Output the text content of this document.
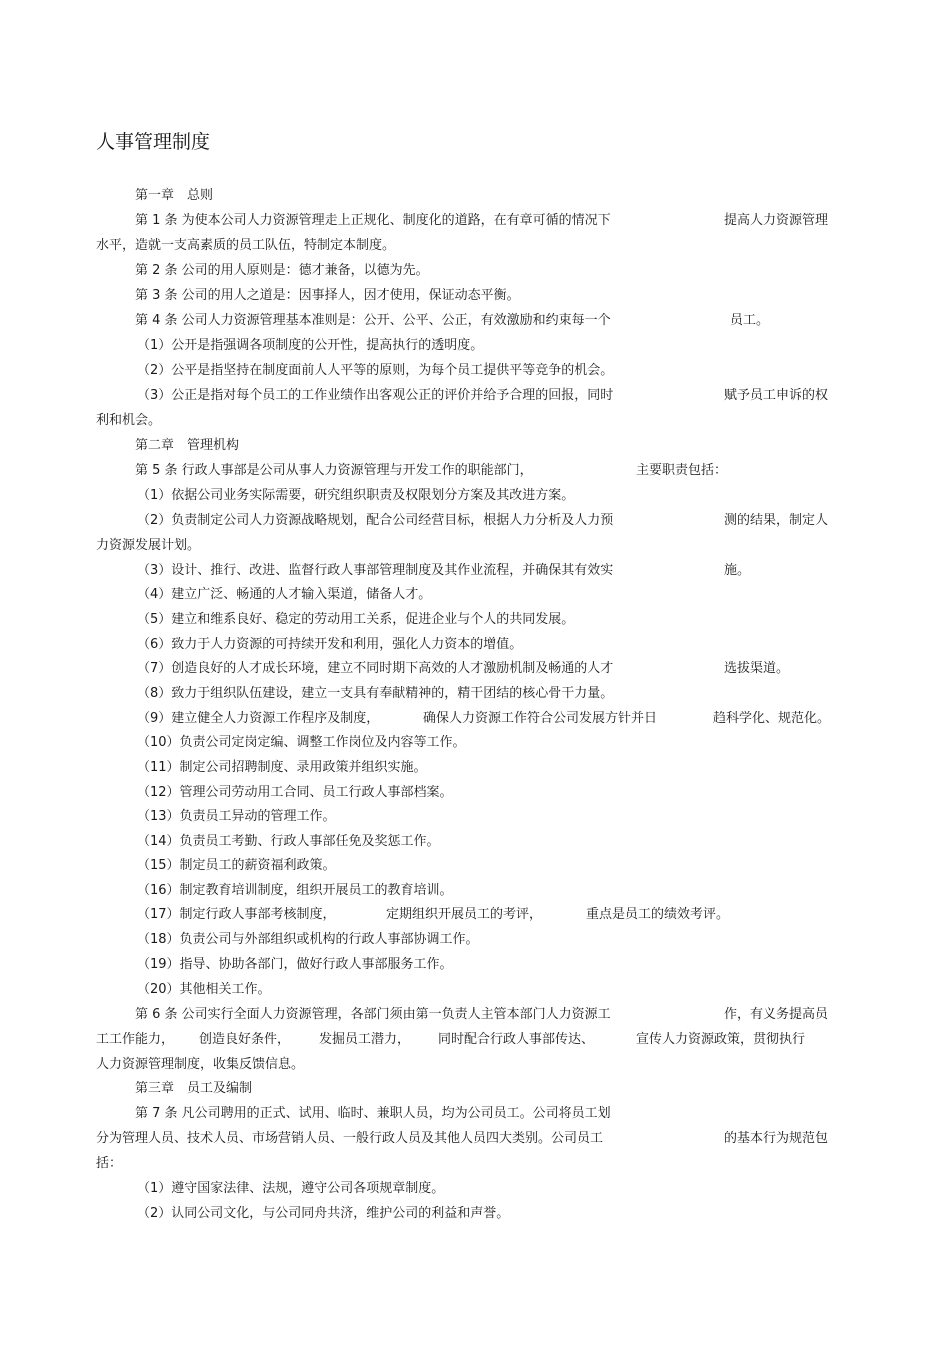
人事管理制度
第一章　总则
第 1 条 为使本公司人力资源管理走上正规化、制度化的道路，在有章可循的情况下	提高人力资源管理
水平，造就一支高素质的员工队伍，特制定本制度。
第 2 条 公司的用人原则是：德才兼备，以德为先。
第 3 条 公司的用人之道是：因事择人，因才使用，保证动态平衡。
第 4 条 公司人力资源管理基本准则是：公开、公平、公正，有效激励和约束每一个	员工。
（1）公开是指强调各项制度的公开性，提高执行的透明度。
（2）公平是指坚持在制度面前人人平等的原则，为每个员工提供平等竞争的机会。
（3）公正是指对每个员工的工作业绩作出客观公正的评价并给予合理的回报，同时	赋予员工申诉的权
利和机会。
第二章　管理机构
第 5 条 行政人事部是公司从事人力资源管理与开发工作的职能部门，	主要职责包括：
（1）依据公司业务实际需要，研究组织职责及权限划分方案及其改进方案。
（2）负责制定公司人力资源战略规划，配合公司经营目标，根据人力分析及人力预	测的结果，制定人
力资源发展计划。
（3）设计、推行、改进、监督行政人事部管理制度及其作业流程，并确保其有效实	施。
（4）建立广泛、畅通的人才输入渠道，储备人才。
（5）建立和维系良好、稳定的劳动用工关系，促进企业与个人的共同发展。
（6）致力于人力资源的可持续开发和利用，强化人力资本的增值。
（7）创造良好的人才成长环境，建立不同时期下高效的人才激励机制及畅通的人才	选拔渠道。
（8）致力于组织队伍建设，建立一支具有奉献精神的，精干团结的核心骨干力量。
（9）建立健全人力资源工作程序及制度，	确保人力资源工作符合公司发展方针并日	趋科学化、规范化。
（10）负责公司定岗定编、调整工作岗位及内容等工作。
（11）制定公司招聘制度、录用政策并组织实施。
（12）管理公司劳动用工合同、员工行政人事部档案。
（13）负责员工异动的管理工作。
（14）负责员工考勤、行政人事部任免及奖惩工作。
（15）制定员工的薪资福利政策。
（16）制定教育培训制度，组织开展员工的教育培训。
（17）制定行政人事部考核制度，	定期组织开展员工的考评，	重点是员工的绩效考评。
（18）负责公司与外部组织或机构的行政人事部协调工作。
（19）指导、协助各部门，做好行政人事部服务工作。
（20）其他相关工作。
第 6 条 公司实行全面人力资源管理，各部门须由第一负责人主管本部门人力资源工	作，有义务提高员
工工作能力， 创造良好条件， 发掘员工潜力， 同时配合行政人事部传达、	宣传人力资源政策，贯彻执行
人力资源管理制度，收集反馈信息。
第三章　员工及编制
第 7 条 凡公司聘用的正式、试用、临时、兼职人员，均为公司员工。公司将员工划
分为管理人员、技术人员、市场营销人员、一般行政人员及其他人员四大类别。公司员工	的基本行为规范包
括：
（1）遵守国家法律、法规，遵守公司各项规章制度。
（2）认同公司文化，与公司同舟共济，维护公司的利益和声誉。
